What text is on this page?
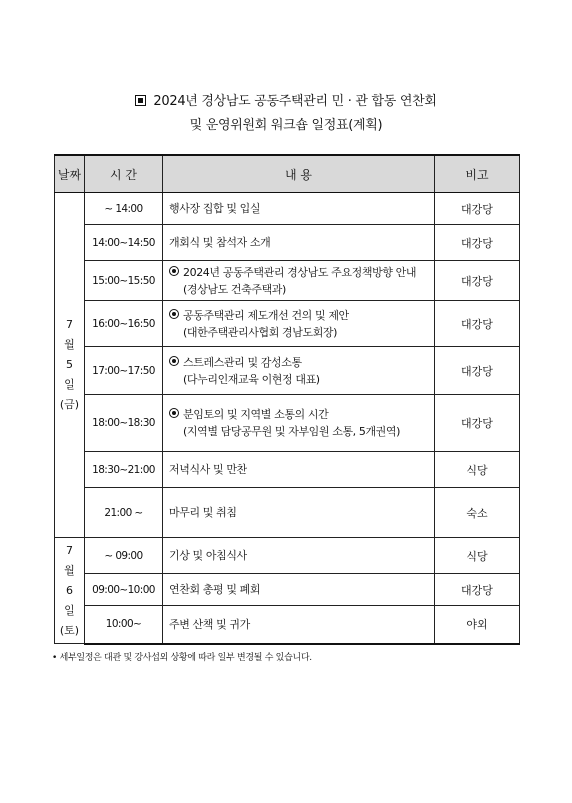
2024년 경상남도 공동주택관리 민 · 관 합동 연찬회
및 운영위원회 워크숍 일정표(계획)
날짜	시 간	내 용	비고

7
월
5
일
(금)	~ 14:00	행사장 집합 및 입실	대강당
	14:00~14:50	개회식 및 참석자 소개	대강당
	15:00~15:50	2024년 공동주택관리 경상남도 주요정책방향 안내
(경상남도 건축주택과)	대강당
	16:00~16:50	공동주택관리 제도개선 건의 및 제안
(대한주택관리사협회 경남도회장)	대강당
	17:00~17:50	스트레스관리 및 감성소통
(다누리인재교육 이현정 대표)	대강당
	18:00~18:30	분임토의 및 지역별 소통의 시간
(지역별 담당공무원 및 자부임원 소통, 5개권역)	대강당
	18:30~21:00	저녁식사 및 만찬	식당
	21:00 ~	마무리 및 취침	숙소

7
월
6
일
(토)	~ 09:00	기상 및 아침식사	식당
	09:00~10:00	연찬회 총평 및 폐회	대강당
	10:00~	주변 산책 및 귀가	야외
• 세부일정은 대관 및 강사섭외 상황에 따라 일부 변경될 수 있습니다.
